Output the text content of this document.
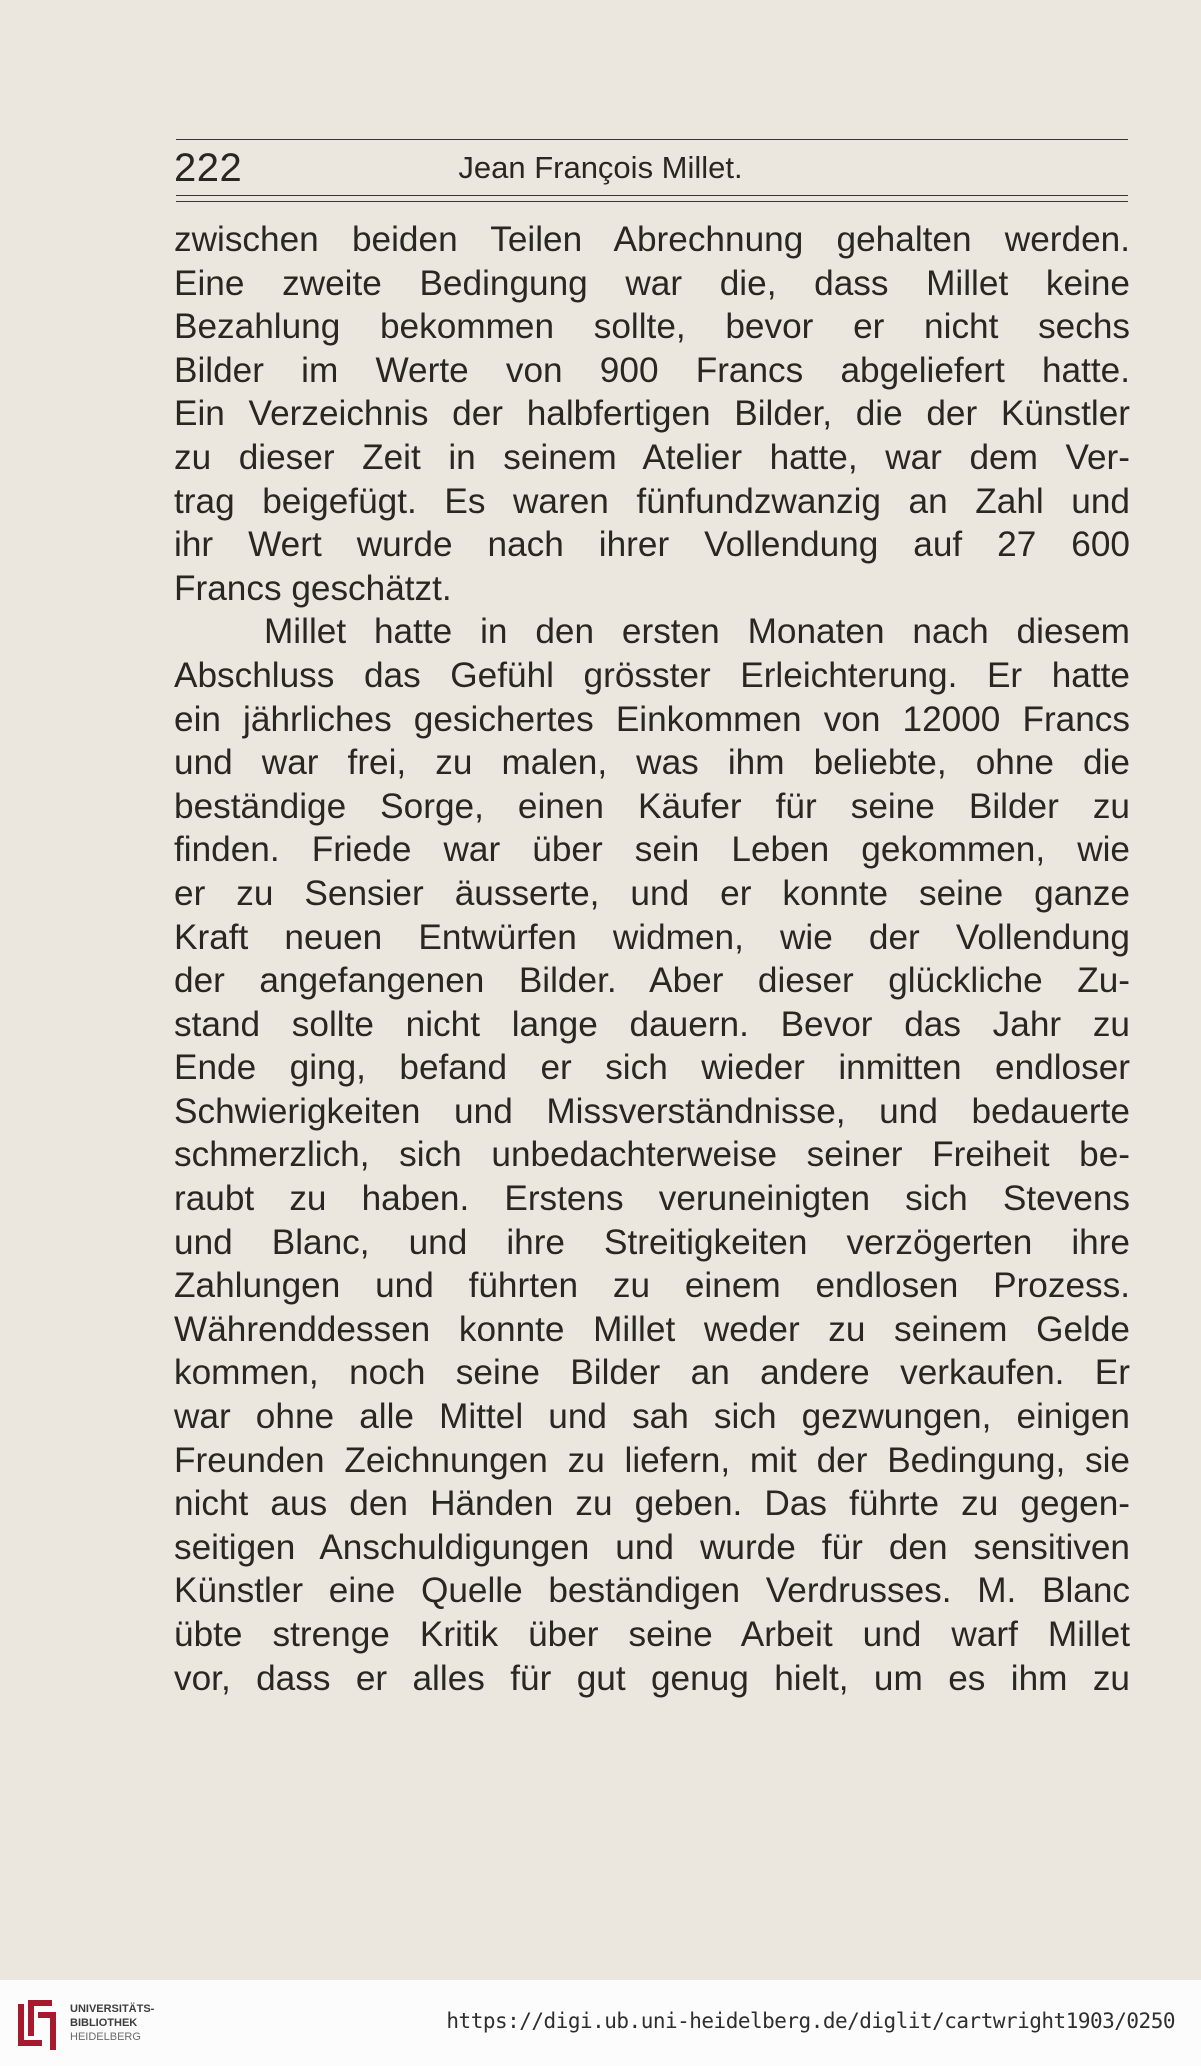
222	Jean François Millet.
zwischen beiden Teilen Abrechnung gehalten werden.
Eine zweite Bedingung war die, dass Millet keine
Bezahlung bekommen sollte, bevor er nicht sechs
Bilder im Werte von 900 Francs abgeliefert hatte.
Ein Verzeichnis der halbfertigen Bilder, die der Künstler
zu dieser Zeit in seinem Atelier hatte, war dem Ver-
trag beigefügt. Es waren fünfundzwanzig an Zahl und
ihr Wert wurde nach ihrer Vollendung auf 27 600
Francs geschätzt.
Millet hatte in den ersten Monaten nach diesem
Abschluss das Gefühl grösster Erleichterung. Er hatte
ein jährliches gesichertes Einkommen von 12000 Francs
und war frei, zu malen, was ihm beliebte, ohne die
beständige Sorge, einen Käufer für seine Bilder zu
finden. Friede war über sein Leben gekommen, wie
er zu Sensier äusserte, und er konnte seine ganze
Kraft neuen Entwürfen widmen, wie der Vollendung
der angefangenen Bilder. Aber dieser glückliche Zu-
stand sollte nicht lange dauern. Bevor das Jahr zu
Ende ging, befand er sich wieder inmitten endloser
Schwierigkeiten und Missverständnisse, und bedauerte
schmerzlich, sich unbedachterweise seiner Freiheit be-
raubt zu haben. Erstens veruneinigten sich Stevens
und Blanc, und ihre Streitigkeiten verzögerten ihre
Zahlungen und führten zu einem endlosen Prozess.
Währenddessen konnte Millet weder zu seinem Gelde
kommen, noch seine Bilder an andere verkaufen. Er
war ohne alle Mittel und sah sich gezwungen, einigen
Freunden Zeichnungen zu liefern, mit der Bedingung, sie
nicht aus den Händen zu geben. Das führte zu gegen-
seitigen Anschuldigungen und wurde für den sensitiven
Künstler eine Quelle beständigen Verdrusses. M. Blanc
übte strenge Kritik über seine Arbeit und warf Millet
vor, dass er alles für gut genug hielt, um es ihm zu
UNIVERSITÄTS-
BIBLIOTHEK
HEIDELBERG
https://digi.ub.uni-heidelberg.de/diglit/cartwright1903/0250
